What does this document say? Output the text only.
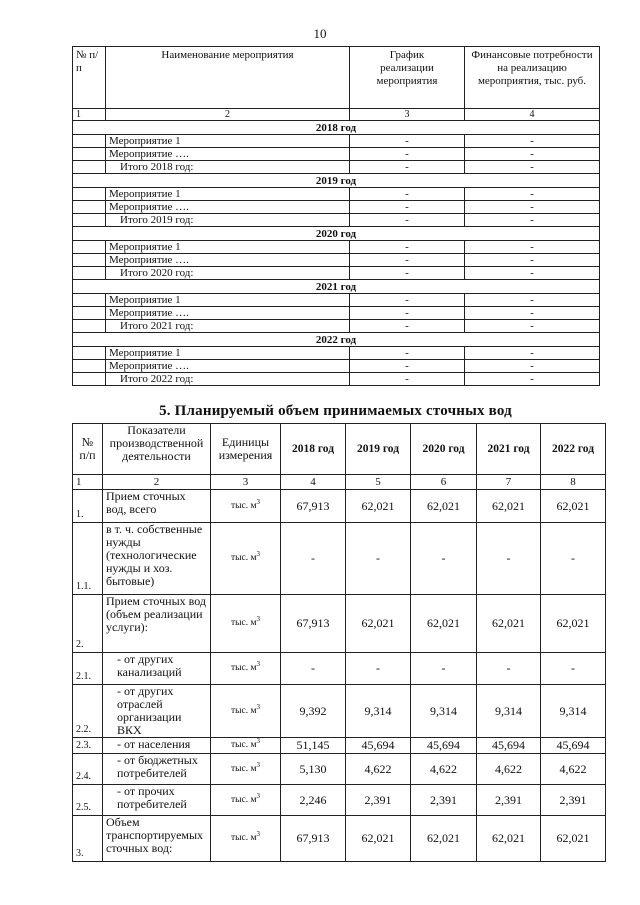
10
№ п/п	Наименование мероприятия	График реализации мероприятия	Финансовые потребности на реализацию мероприятия, тыс. руб.
1	2	3	4
2018 год			
	Мероприятие 1	-	-
	Мероприятие ….	-	-
	Итого 2018 год:	-	-
2019 год			
	Мероприятие 1	-	-
	Мероприятие ….	-	-
	Итого 2019 год:	-	-
2020 год			
	Мероприятие 1	-	-
	Мероприятие ….	-	-
	Итого 2020 год:	-	-
2021 год			
	Мероприятие 1	-	-
	Мероприятие ….	-	-
	Итого 2021 год:	-	-
2022 год			
	Мероприятие 1	-	-
	Мероприятие ….	-	-
	Итого 2022 год:	-	-
5. Планируемый объем принимаемых сточных вод
№ п/п	Показатели производственной деятельности	Единицы измерения	2018 год	2019 год	2020 год	2021 год	2022 год
1	2	3	4	5	6	7	8
1.	Прием сточных вод, всего	тыс. $м^3$	67,913	62,021	62,021	62,021	62,021
1.1.	в т. ч. собственные нужды (технологические нужды и хоз. бытовые)	тыс. $м^3$	-	-	-	-	-
2.	Прием сточных вод (объем реализации услуги):	тыс. $м^3$	67,913	62,021	62,021	62,021	62,021
2.1.	- от других канализаций	тыс. $м^3$	-	-	-	-	-
2.2.	- от других отраслей организации ВКХ	тыс. $м^3$	9,392	9,314	9,314	9,314	9,314
2.3.	- от населения	тыс. $м^3$	51,145	45,694	45,694	45,694	45,694
2.4.	- от бюджетных потребителей	тыс. $м^3$	5,130	4,622	4,622	4,622	4,622
2.5.	- от прочих потребителей	тыс. $м^3$	2,246	2,391	2,391	2,391	2,391
3.	Объем транспортируемых сточных вод:	тыс. $м^3$	67,913	62,021	62,021	62,021	62,021
